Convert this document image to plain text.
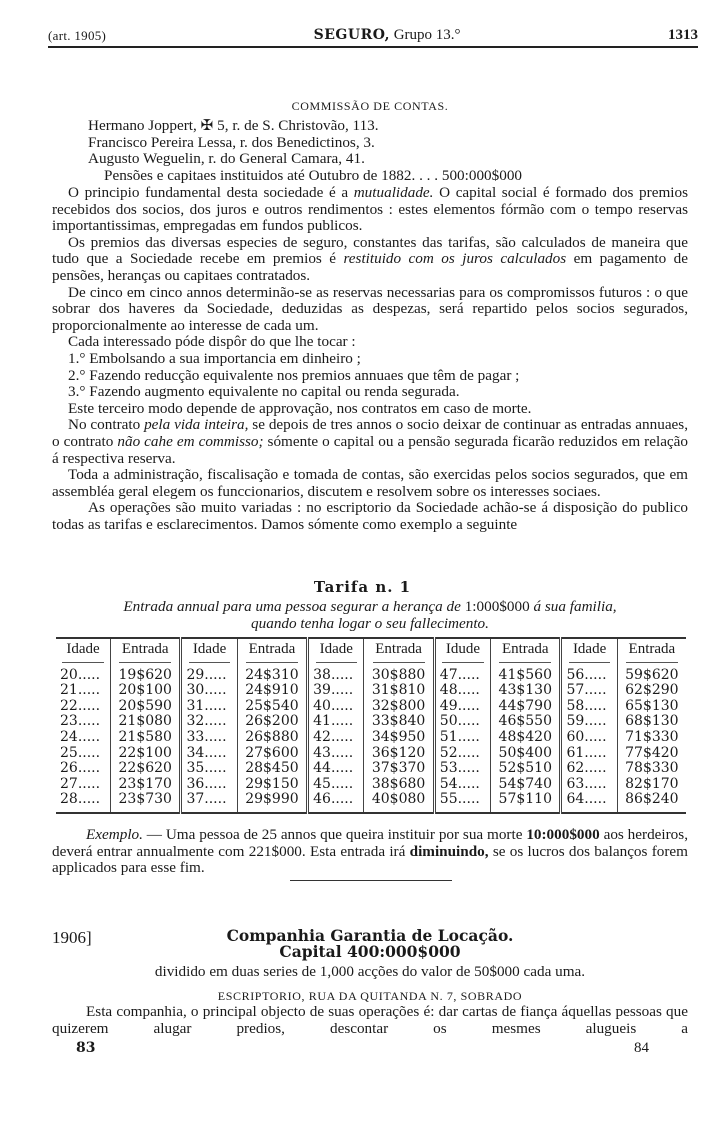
(art. 1905)	SEGURO, Grupo 13.°	1313
COMMISSÃO DE CONTAS.
Hermano Joppert, ✠ 5, r. de S. Christovão, 113.
Francisco Pereira Lessa, r. dos Benedictinos, 3.
Augusto Weguelin, r. do General Camara, 41.
Pensões e capitaes instituidos até Outubro de 1882. . . . 500:000$000

O principio fundamental desta sociedade é a mutualidade. O capital social é formado dos premios recebidos dos socios, dos juros e outros rendimentos : estes elementos fórmão com o tempo reservas importantissimas, empregadas em fundos publicos.

Os premios das diversas especies de seguro, constantes das tarifas, são calculados de maneira que tudo que a Sociedade recebe em premios é restituido com os juros calculados em pagamento de pensões, heranças ou capitaes contratados.

De cinco em cinco annos determinão-se as reservas necessarias para os compromissos futuros : o que sobrar dos haveres da Sociedade, deduzidas as despezas, será repartido pelos socios segurados, proporcionalmente ao interesse de cada um.

Cada interessado póde dispôr do que lhe tocar :

1.° Embolsando a sua importancia em dinheiro ;
2.° Fazendo reducção equivalente nos premios annuaes que têm de pagar ;
3.° Fazendo augmento equivalente no capital ou renda segurada.

Este terceiro modo depende de approvação, nos contratos em caso de morte.

No contrato pela vida inteira, se depois de tres annos o socio deixar de continuar as entradas annuaes, o contrato não cahe em commisso; sómente o capital ou a pensão segurada ficarão reduzidos em relação á respectiva reserva.

Toda a administração, fiscalisação e tomada de contas, são exercidas pelos socios segurados, que em assembléa geral elegem os funccionarios, discutem e resolvem sobre os interesses sociaes.

As operações são muito variadas : no escriptorio da Sociedade achão-se á disposição do publico todas as tarifas e esclarecimentos. Damos sómente como exemplo a seguinte

Tarifa n. 1
Entrada annual para uma pessoa segurar a herança de 1:000$000 á sua familia,
quando tenha logar o seu fallecimento.
Idade	Entrada	Idade	Entrada	Idade	Entrada	Idude	Entrada	Idade	Entrada
20.....	19$620	29.....	24$310	38.....	30$880	47.....	41$560	56.....	59$620
21.....	20$100	30.....	24$910	39.....	31$810	48.....	43$130	57.....	62$290
22.....	20$590	31.....	25$540	40.....	32$800	49.....	44$790	58.....	65$130
23.....	21$080	32.....	26$200	41.....	33$840	50.....	46$550	59.....	68$130
24.....	21$580	33.....	26$880	42.....	34$950	51.....	48$420	60.....	71$330
25.....	22$100	34.....	27$600	43.....	36$120	52.....	50$400	61.....	77$420
26.....	22$620	35.....	28$450	44.....	37$370	53.....	52$510	62.....	78$330
27.....	23$170	36.....	29$150	45.....	38$680	54.....	54$740	63.....	82$170
28.....	23$730	37.....	29$990	46.....	40$080	55.....	57$110	64.....	86$240

Exemplo. — Uma pessoa de 25 annos que queira instituir por sua morte 10:000$000 aos herdeiros, deverá entrar annualmente com 221$000. Esta entrada irá diminuindo, se os lucros dos balanços forem applicados para esse fim.

1906]	Companhia Garantia de Locação.
Capital 400:000$000
dividido em duas series de 1,000 acções do valor de 50$000 cada uma.
ESCRIPTORIO, RUA DA QUITANDA N. 7, SOBRADO

Esta companhia, o principal objecto de suas operações é: dar cartas de fiança áquellas pessoas que quizerem alugar predios, descontar os mesmes alugueis a

83	84
